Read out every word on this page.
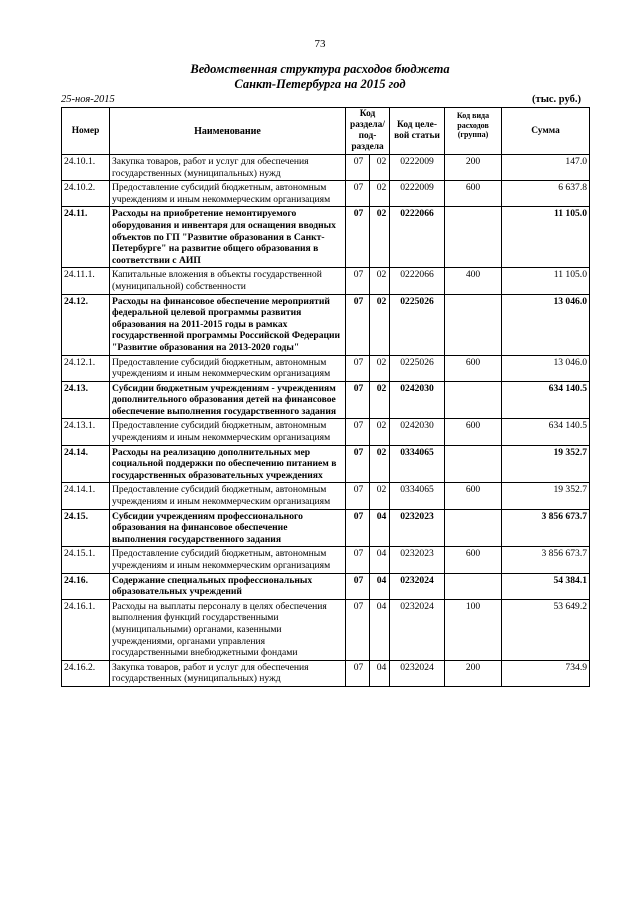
73
Ведомственная структура расходов бюджета
Санкт-Петербурга на 2015 год
25-ноя-2015	(тыс. руб.)
Номер	Наименование	Код раздела/ под-раздела		Код целе-вой статьи	Код вида расходов (группа)	Сумма
24.10.1.	Закупка товаров, работ и услуг для обеспечения государственных (муниципальных) нужд	07	02	0222009	200	147.0
24.10.2.	Предоставление субсидий бюджетным, автономным учреждениям и иным некоммерческим организациям	07	02	0222009	600	6 637.8
24.11.	Расходы на приобретение немонтируемого оборудования и инвентаря для оснащения вводных объектов по ГП "Развитие образования в Санкт-Петербурге" на развитие общего образования в соответствии с АИП	07	02	0222066		11 105.0
24.11.1.	Капитальные вложения в объекты государственной (муниципальной) собственности	07	02	0222066	400	11 105.0
24.12.	Расходы на финансовое обеспечение мероприятий федеральной целевой программы развития образования на 2011-2015 годы в рамках государственной программы Российской Федерации "Развитие образования на 2013-2020 годы"	07	02	0225026		13 046.0
24.12.1.	Предоставление субсидий бюджетным, автономным учреждениям и иным некоммерческим организациям	07	02	0225026	600	13 046.0
24.13.	Субсидии бюджетным учреждениям - учреждениям дополнительного образования детей на финансовое обеспечение выполнения государственного задания	07	02	0242030		634 140.5
24.13.1.	Предоставление субсидий бюджетным, автономным учреждениям и иным некоммерческим организациям	07	02	0242030	600	634 140.5
24.14.	Расходы на реализацию дополнительных мер социальной поддержки по обеспечению питанием в государственных образовательных учреждениях	07	02	0334065		19 352.7
24.14.1.	Предоставление субсидий бюджетным, автономным учреждениям и иным некоммерческим организациям	07	02	0334065	600	19 352.7
24.15.	Субсидии учреждениям профессионального образования на финансовое обеспечение выполнения государственного задания	07	04	0232023		3 856 673.7
24.15.1.	Предоставление субсидий бюджетным, автономным учреждениям и иным некоммерческим организациям	07	04	0232023	600	3 856 673.7
24.16.	Содержание специальных профессиональных образовательных учреждений	07	04	0232024		54 384.1
24.16.1.	Расходы на выплаты персоналу в целях обеспечения выполнения функций государственными (муниципальными) органами, казенными учреждениями, органами управления государственными внебюджетными фондами	07	04	0232024	100	53 649.2
24.16.2.	Закупка товаров, работ и услуг для обеспечения государственных (муниципальных) нужд	07	04	0232024	200	734.9
